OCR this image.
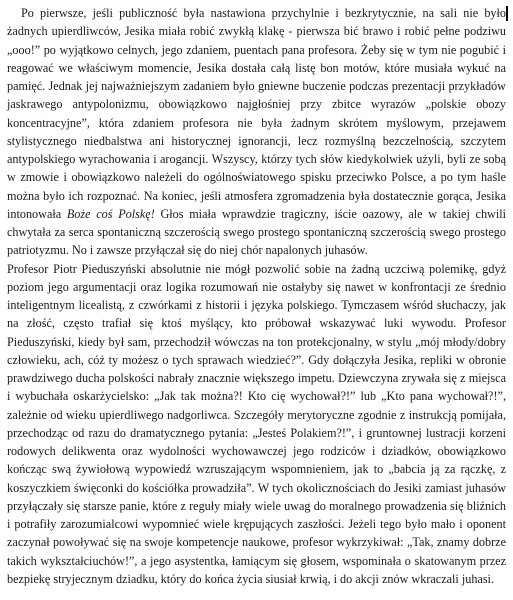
Po pierwsze, jeśli publiczność była nastawiona przychylnie i bezkrytycznie, na sali nie było żadnych upierdliwców, Jesika miała robić zwykłą klakę - pierwsza bić brawo i robić pełne podziwu „ooo!” po wyjątkowo celnych, jego zdaniem, puentach pana profesora. Żeby się w tym nie pogubić i reagować we właściwym momencie, Jesika dostała całą listę bon motów, które musiała wykuć na pamięć. Jednak jej najważniejszym zadaniem było gniewne buczenie podczas prezentacji przykładów jaskrawego antypolonizmu, obowiązkowo najgłośniej przy zbitce wyrazów „polskie obozy koncentracyjne”, która zdaniem profesora nie była żadnym skrótem myślowym, przejawem stylistycznego niedbalstwa ani historycznej ignorancji, lecz rozmyślną bezczelnością, szczytem antypolskiego wyrachowania i arogancji. Wszyscy, którzy tych słów kiedykolwiek użyli, byli ze sobą w zmowie i obowiązkowo należeli do ogólnoświatowego spisku przeciwko Polsce, a po tym haśle można było ich rozpoznać. Na koniec, jeśli atmosfera zgromadzenia była dostatecznie gorąca, Jesika intonowała Boże coś Polskę! Głos miała wprawdzie tragiczny, iście oazowy, ale w takiej chwili chwytała za serca spontaniczną szczerością swego prostego spontaniczną szczerością swego prostego patriotyzmu. No i zawsze przyłączał się do niej chór napalonych juhasów.

Profesor Piotr Pieduszyński absolutnie nie mógł pozwolić sobie na żadną uczciwą polemikę, gdyż poziom jego argumentacji oraz logika rozumowań nie ostałyby się nawet w konfrontacji ze średnio inteligentnym licealistą, z czwórkami z historii i języka polskiego. Tymczasem wśród słuchaczy, jak na złość, często trafiał się ktoś myślący, kto próbował wskazywać luki wywodu. Profesor Pieduszyński, kiedy był sam, przechodził wówczas na ton protekcjonalny, w stylu „mój młody/dobry człowieku, ach, cóż ty możesz o tych sprawach wiedzieć?”. Gdy dołączyła Jesika, repliki w obronie prawdziwego ducha polskości nabrały znacznie większego impetu. Dziewczyna zrywała się z miejsca i wybuchała oskarżycielsko: „Jak tak można?! Kto cię wychował?!” lub „Kto pana wychował?!”, zależnie od wieku upierdliwego nadgorliwca. Szczegóły merytoryczne zgodnie z instrukcją pomijała, przechodząc od razu do dramatycznego pytania: „Jesteś Polakiem?!”, i gruntownej lustracji korzeni rodowych delikwenta oraz wydolności wychowawczej jego rodziców i dziadków, obowiązkowo kończąc swą żywiołową wypowiedź wzruszającym wspomnieniem, jak to „babcia ją za rączkę, z koszyczkiem święconki do kościółka prowadziła”. W tych okolicznościach do Jesiki zamiast juhasów przyłączały się starsze panie, które z reguły miały wiele uwag do moralnego prowadzenia się bliźnich i potrafiły zarozumialcowi wypomnieć wiele krępujących zaszłości. Jeżeli tego było mało i oponent zaczynał powoływać się na swoje kompetencje naukowe, profesor wykrzykiwał: „Tak, znamy dobrze takich wykształciuchów!”, a jego asystentka, łamiącym się głosem, wspominała o skatowanym przez bezpiekę stryjecznym dziadku, który do końca życia siusiał krwią, i do akcji znów wkraczali juhasi.
